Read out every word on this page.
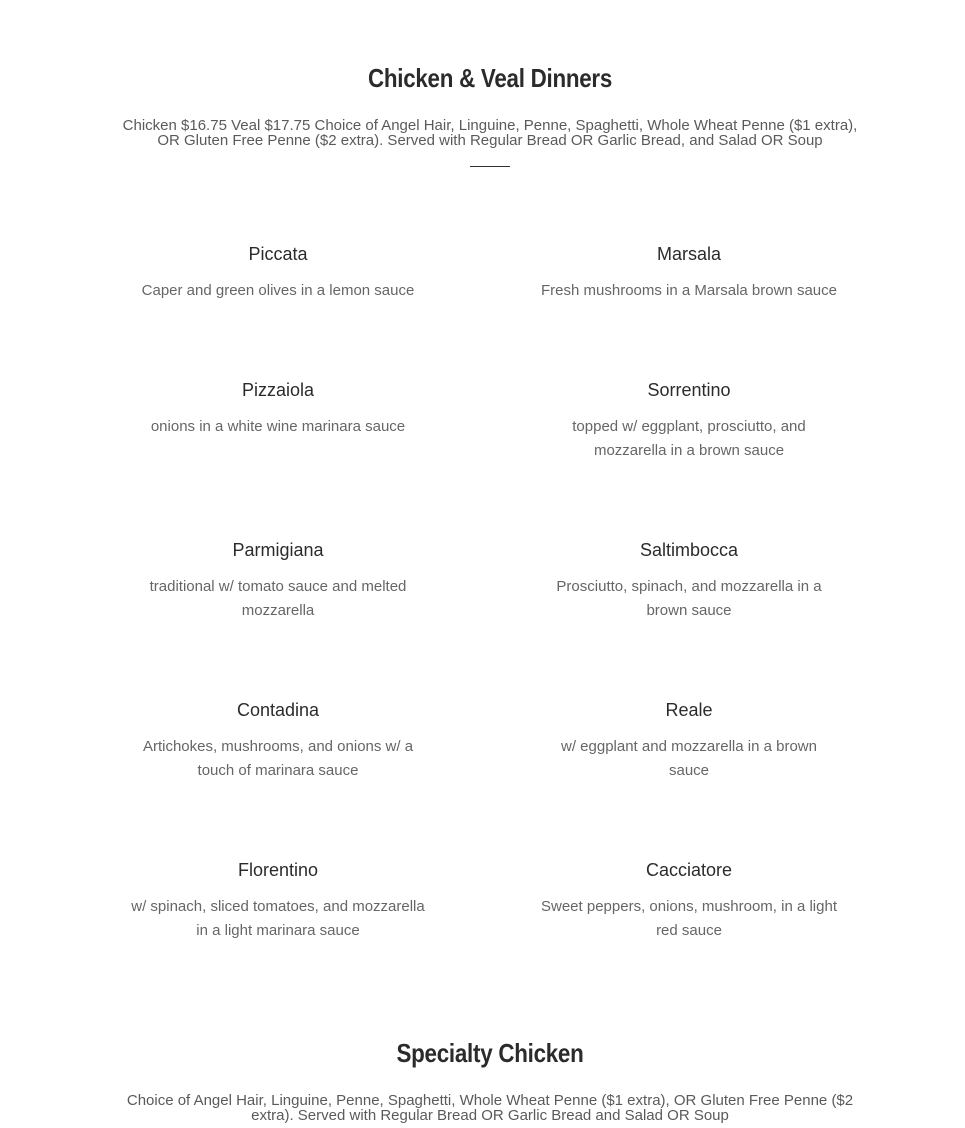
Chicken & Veal Dinners
Chicken $16.75 Veal $17.75 Choice of Angel Hair, Linguine, Penne, Spaghetti, Whole Wheat Penne ($1 extra),
OR Gluten Free Penne ($2 extra). Served with Regular Bread OR Garlic Bread, and Salad OR Soup
Piccata
Caper and green olives in a lemon sauce
Marsala
Fresh mushrooms in a Marsala brown sauce
Pizzaiola
onions in a white wine marinara sauce
Sorrentino
topped w/ eggplant, prosciutto, and mozzarella in a brown sauce
Parmigiana
traditional w/ tomato sauce and melted mozzarella
Saltimbocca
Prosciutto, spinach, and mozzarella in a brown sauce
Contadina
Artichokes, mushrooms, and onions w/ a touch of marinara sauce
Reale
w/ eggplant and mozzarella in a brown sauce
Florentino
w/ spinach, sliced tomatoes, and mozzarella in a light marinara sauce
Cacciatore
Sweet peppers, onions, mushroom, in a light red sauce
Specialty Chicken
Choice of Angel Hair, Linguine, Penne, Spaghetti, Whole Wheat Penne ($1 extra), OR Gluten Free Penne ($2
extra). Served with Regular Bread OR Garlic Bread and Salad OR Soup
